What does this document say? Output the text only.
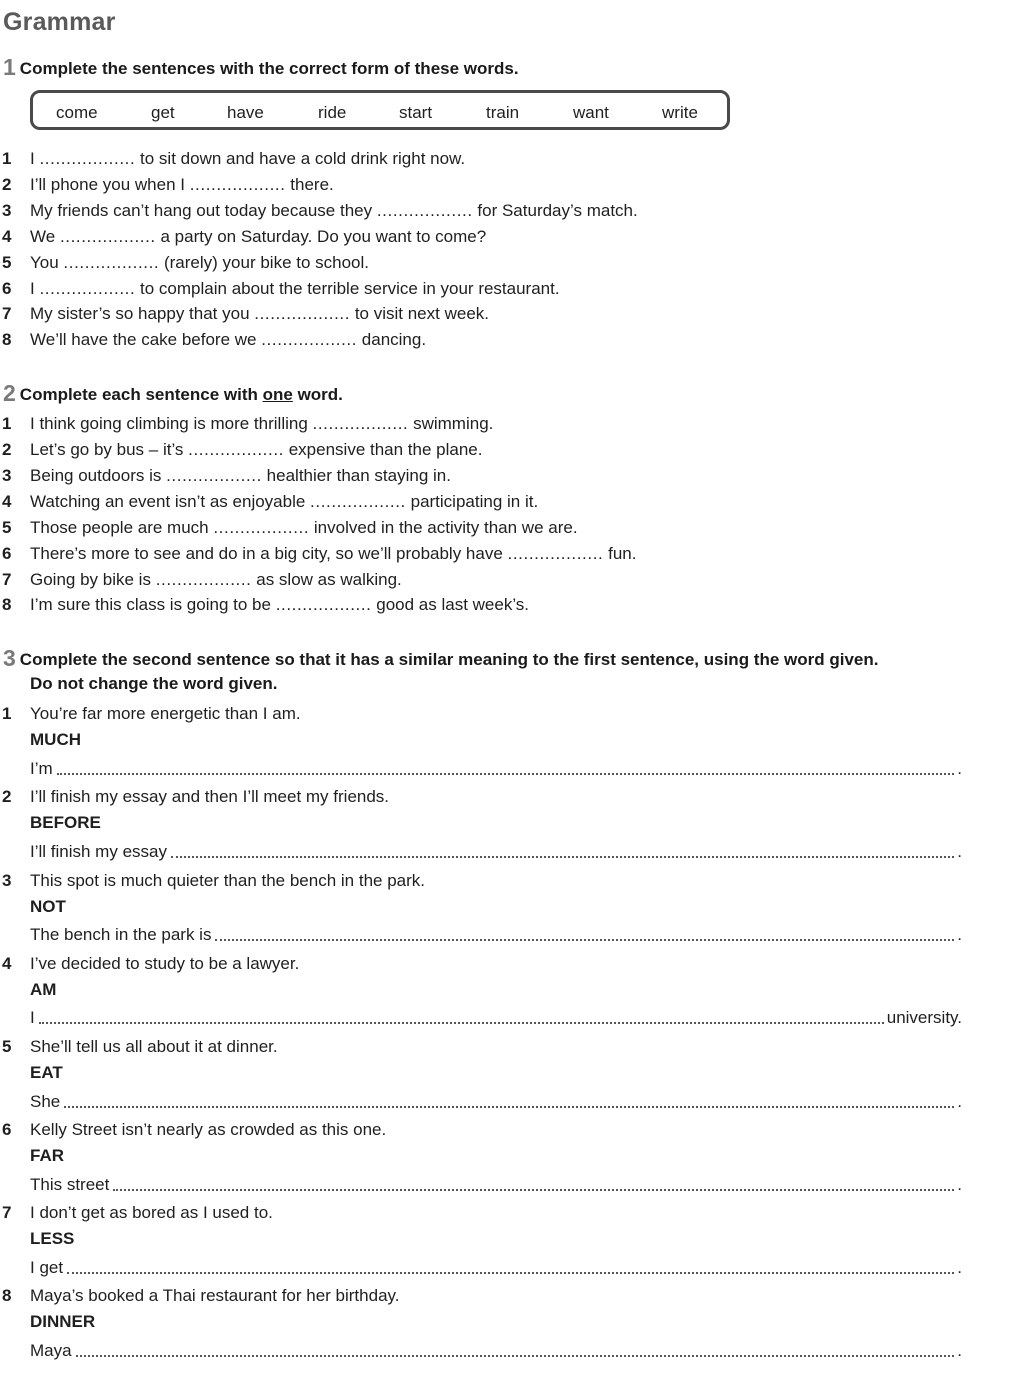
Grammar
1 Complete the sentences with the correct form of these words.
come	get	have	ride	start	train	want	write
1 I .................. to sit down and have a cold drink right now.
2 I’ll phone you when I .................. there.
3 My friends can’t hang out today because they .................. for Saturday’s match.
4 We .................. a party on Saturday. Do you want to come?
5 You .................. (rarely) your bike to school.
6 I .................. to complain about the terrible service in your restaurant.
7 My sister’s so happy that you .................. to visit next week.
8 We’ll have the cake before we .................. dancing.
2 Complete each sentence with one word.
1 I think going climbing is more thrilling .................. swimming.
2 Let’s go by bus – it’s .................. expensive than the plane.
3 Being outdoors is .................. healthier than staying in.
4 Watching an event isn’t as enjoyable .................. participating in it.
5 Those people are much .................. involved in the activity than we are.
6 There’s more to see and do in a big city, so we’ll probably have .................. fun.
7 Going by bike is .................. as slow as walking.
8 I’m sure this class is going to be .................. good as last week’s.
3 Complete the second sentence so that it has a similar meaning to the first sentence, using the word given.
Do not change the word given.
1 You’re far more energetic than I am.
MUCH
I’m	.
2 I’ll finish my essay and then I’ll meet my friends.
BEFORE
I’ll finish my essay	.
3 This spot is much quieter than the bench in the park.
NOT
The bench in the park is	.
4 I’ve decided to study to be a lawyer.
AM
I	university.
5 She’ll tell us all about it at dinner.
EAT
She	.
6 Kelly Street isn’t nearly as crowded as this one.
FAR
This street	.
7 I don’t get as bored as I used to.
LESS
I get	.
8 Maya’s booked a Thai restaurant for her birthday.
DINNER
Maya	.
